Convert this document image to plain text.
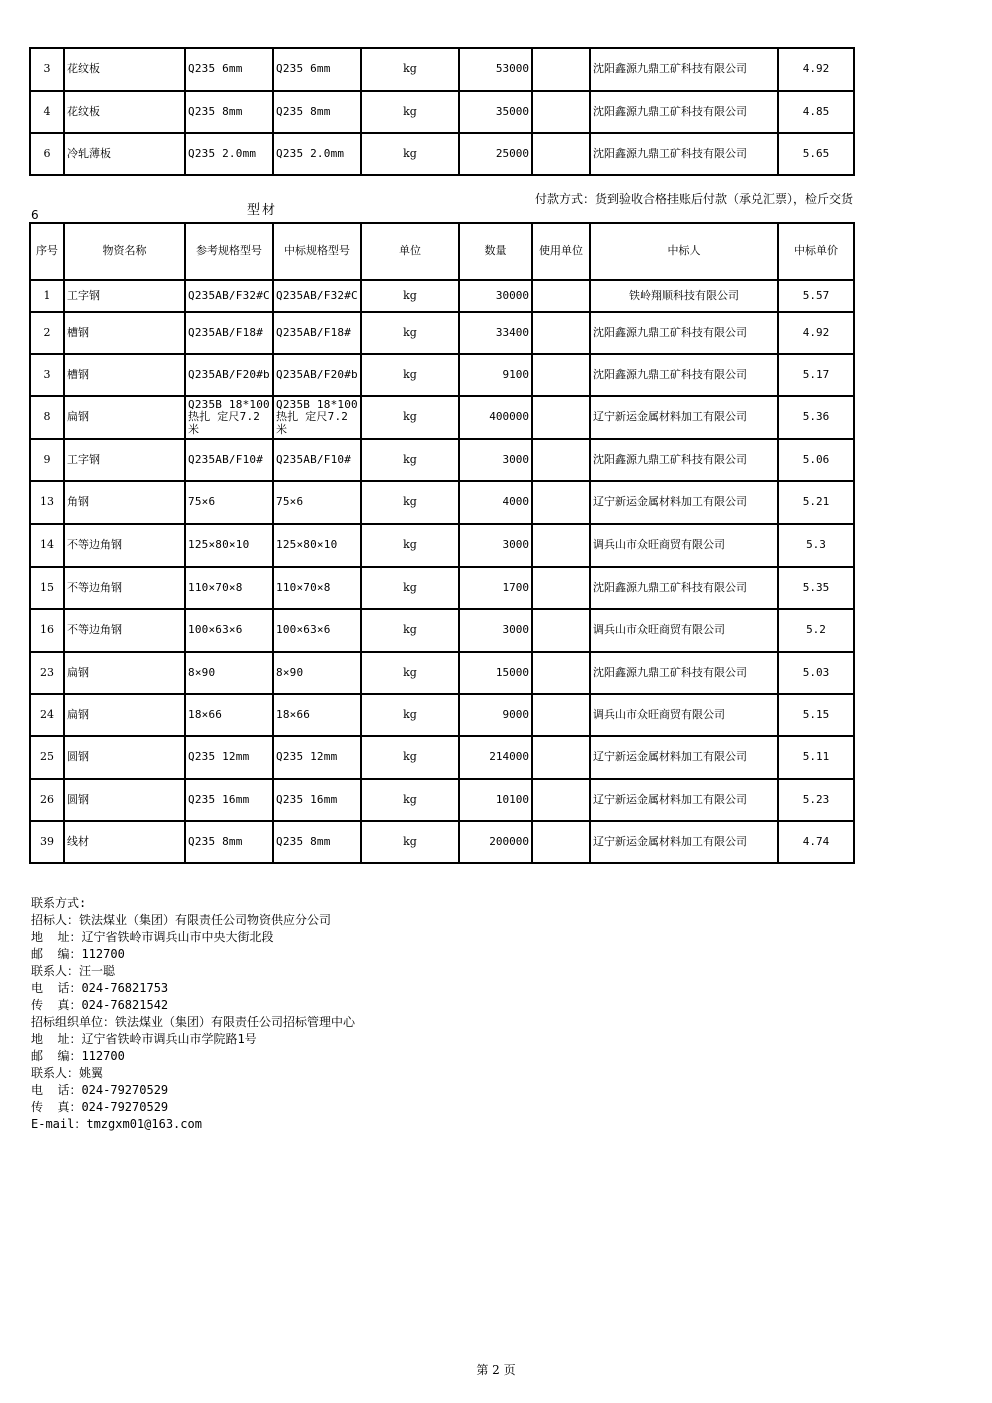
3	花纹板	Q235 6mm	Q235 6mm	kg	53000		沈阳鑫源九鼎工矿科技有限公司	4.92
4	花纹板	Q235 8mm	Q235 8mm	kg	35000		沈阳鑫源九鼎工矿科技有限公司	4.85
6	冷轧薄板	Q235 2.0mm	Q235 2.0mm	kg	25000		沈阳鑫源九鼎工矿科技有限公司	5.65
6	型材
付款方式：货到验收合格挂账后付款（承兑汇票），检斤交货
序号	物资名称	参考规格型号	中标规格型号	单位	数量	使用单位	中标人	中标单价
1	工字钢	Q235AB/F32#C	Q235AB/F32#C	kg	30000		铁岭翔顺科技有限公司	5.57
2	槽钢	Q235AB/F18#	Q235AB/F18#	kg	33400		沈阳鑫源九鼎工矿科技有限公司	4.92
3	槽钢	Q235AB/F20#b	Q235AB/F20#b	kg	9100		沈阳鑫源九鼎工矿科技有限公司	5.17
8	扁钢	Q235B 18*100 热扎 定尺7.2米	Q235B 18*100 热扎 定尺7.2米	kg	400000		辽宁新运金属材料加工有限公司	5.36
9	工字钢	Q235AB/F10#	Q235AB/F10#	kg	3000		沈阳鑫源九鼎工矿科技有限公司	5.06
13	角钢	75×6	75×6	kg	4000		辽宁新运金属材料加工有限公司	5.21
14	不等边角钢	125×80×10	125×80×10	kg	3000		调兵山市众旺商贸有限公司	5.3
15	不等边角钢	110×70×8	110×70×8	kg	1700		沈阳鑫源九鼎工矿科技有限公司	5.35
16	不等边角钢	100×63×6	100×63×6	kg	3000		调兵山市众旺商贸有限公司	5.2
23	扁钢	8×90	8×90	kg	15000		沈阳鑫源九鼎工矿科技有限公司	5.03
24	扁钢	18×66	18×66	kg	9000		调兵山市众旺商贸有限公司	5.15
25	圆钢	Q235 12mm	Q235 12mm	kg	214000		辽宁新运金属材料加工有限公司	5.11
26	圆钢	Q235 16mm	Q235 16mm	kg	10100		辽宁新运金属材料加工有限公司	5.23
39	线材	Q235 8mm	Q235 8mm	kg	200000		辽宁新运金属材料加工有限公司	4.74
联系方式:
招标人：铁法煤业（集团）有限责任公司物资供应分公司
地  址：辽宁省铁岭市调兵山市中央大街北段
邮  编：112700
联系人：汪一聪
电  话：024-76821753
传  真：024-76821542
招标组织单位：铁法煤业（集团）有限责任公司招标管理中心
地  址：辽宁省铁岭市调兵山市学院路1号
邮  编：112700
联系人：姚翼
电  话：024-79270529
传  真：024-79270529
E-mail：tmzgxm01@163.com
第 2 页
